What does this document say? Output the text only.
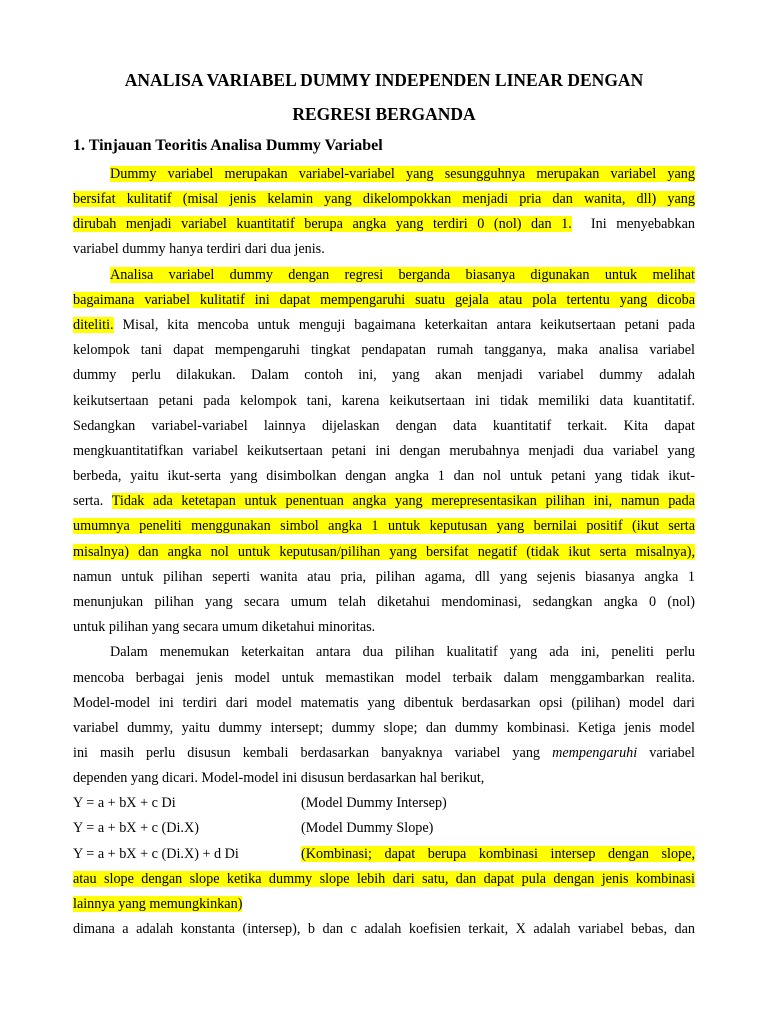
ANALISA VARIABEL DUMMY INDEPENDEN LINEAR DENGAN
REGRESI BERGANDA
1. Tinjauan Teoritis Analisa Dummy Variabel
Dummy variabel merupakan variabel-variabel yang sesungguhnya merupakan variabel yang
bersifat kulitatif (misal jenis kelamin yang dikelompokkan menjadi pria dan wanita, dll) yang
dirubah menjadi variabel kuantitatif berupa angka yang terdiri 0 (nol) dan 1.  Ini menyebabkan
variabel dummy hanya terdiri dari dua jenis.
Analisa variabel dummy dengan regresi berganda biasanya digunakan untuk melihat
bagaimana variabel kulitatif ini dapat mempengaruhi suatu gejala atau pola tertentu yang dicoba
diteliti. Misal, kita mencoba untuk menguji bagaimana keterkaitan antara keikutsertaan petani pada
kelompok tani dapat mempengaruhi tingkat pendapatan rumah tangganya, maka analisa variabel
dummy perlu dilakukan. Dalam contoh ini, yang akan menjadi variabel dummy adalah
keikutsertaan petani pada kelompok tani, karena keikutsertaan ini tidak memiliki data kuantitatif.
Sedangkan variabel-variabel lainnya dijelaskan dengan data kuantitatif terkait. Kita dapat
mengkuantitatifkan variabel keikutsertaan petani ini dengan merubahnya menjadi dua variabel yang
berbeda, yaitu ikut-serta yang disimbolkan dengan angka 1 dan nol untuk petani yang tidak ikut-
serta. Tidak ada ketetapan untuk penentuan angka yang merepresentasikan pilihan ini, namun pada
umumnya peneliti menggunakan simbol angka 1 untuk keputusan yang bernilai positif (ikut serta
misalnya) dan angka nol untuk keputusan/pilihan yang bersifat negatif (tidak ikut serta misalnya),
namun untuk pilihan seperti wanita atau pria, pilihan agama, dll yang sejenis biasanya angka 1
menunjukan pilihan yang secara umum telah diketahui mendominasi, sedangkan angka 0 (nol)
untuk pilihan yang secara umum diketahui minoritas.
Dalam menemukan keterkaitan antara dua pilihan kualitatif yang ada ini, peneliti perlu
mencoba berbagai jenis model untuk memastikan model terbaik dalam menggambarkan realita.
Model-model ini terdiri dari model matematis yang dibentuk berdasarkan opsi (pilihan) model dari
variabel dummy, yaitu dummy intersept; dummy slope; dan dummy kombinasi. Ketiga jenis model
ini masih perlu disusun kembali berdasarkan banyaknya variabel yang mempengaruhi variabel
dependen yang dicari. Model-model ini disusun berdasarkan hal berikut,
Y = a + bX + c Di	(Model Dummy Intersep)
Y = a + bX + c (Di.X)	(Model Dummy Slope)
Y = a + bX + c (Di.X) + d Di	(Kombinasi; dapat berupa kombinasi intersep dengan slope,
atau slope dengan slope ketika dummy slope lebih dari satu, dan dapat pula dengan jenis kombinasi
lainnya yang memungkinkan)
dimana a adalah konstanta (intersep), b dan c adalah koefisien terkait, X adalah variabel bebas, dan
